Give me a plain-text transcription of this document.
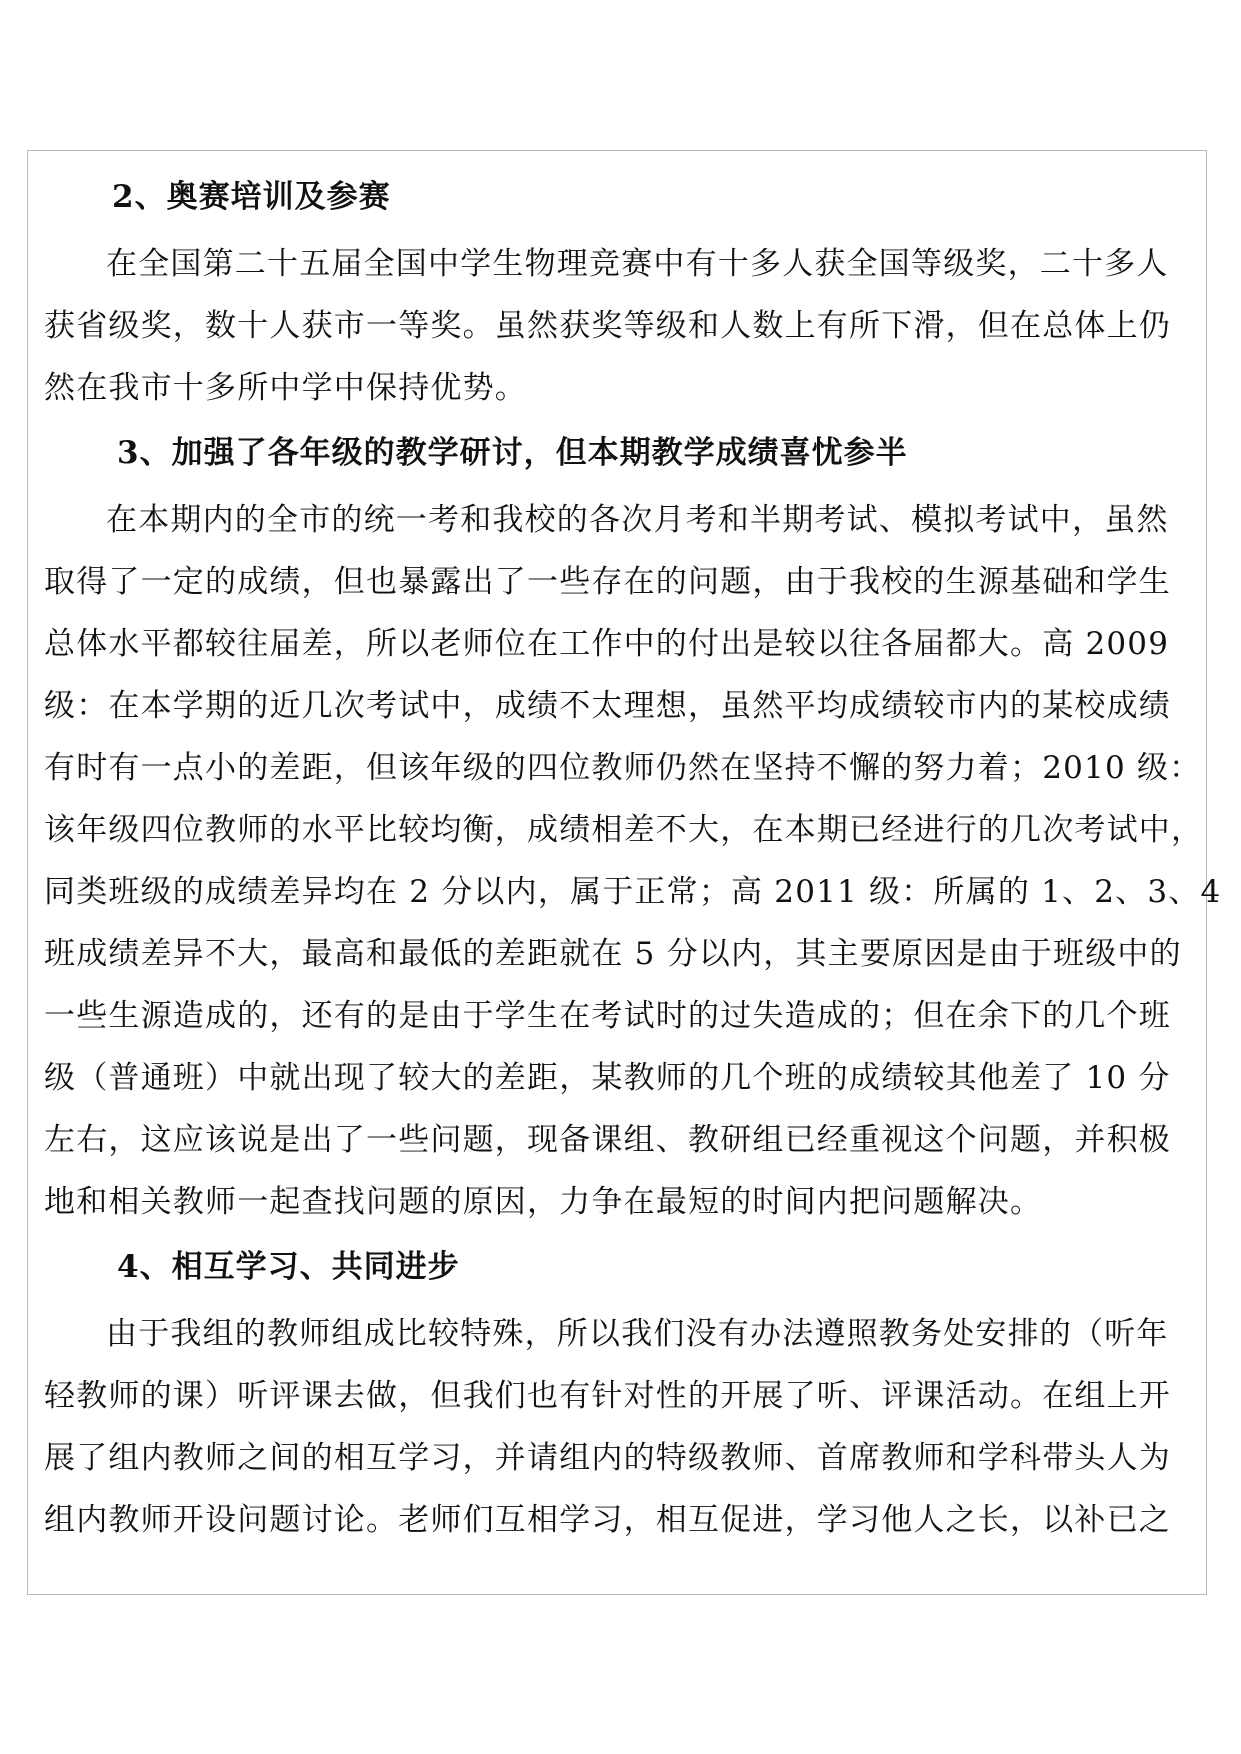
2、奥赛培训及参赛
在全国第二十五届全国中学生物理竞赛中有十多人获全国等级奖，二十多人
获省级奖，数十人获市一等奖。虽然获奖等级和人数上有所下滑，但在总体上仍
然在我市十多所中学中保持优势。
3、加强了各年级的教学研讨，但本期教学成绩喜忧参半
在本期内的全市的统一考和我校的各次月考和半期考试、模拟考试中，虽然
取得了一定的成绩，但也暴露出了一些存在的问题，由于我校的生源基础和学生
总体水平都较往届差，所以老师位在工作中的付出是较以往各届都大。高 2009
级：在本学期的近几次考试中，成绩不太理想，虽然平均成绩较市内的某校成绩
有时有一点小的差距，但该年级的四位教师仍然在坚持不懈的努力着；2010 级：
该年级四位教师的水平比较均衡，成绩相差不大，在本期已经进行的几次考试中，
同类班级的成绩差异均在 2 分以内，属于正常；高 2011 级：所属的 1、2、3、4
班成绩差异不大，最高和最低的差距就在 5 分以内，其主要原因是由于班级中的
一些生源造成的，还有的是由于学生在考试时的过失造成的；但在余下的几个班
级（普通班）中就出现了较大的差距，某教师的几个班的成绩较其他差了 10 分
左右，这应该说是出了一些问题，现备课组、教研组已经重视这个问题，并积极
地和相关教师一起查找问题的原因，力争在最短的时间内把问题解决。
4、相互学习、共同进步
由于我组的教师组成比较特殊，所以我们没有办法遵照教务处安排的（听年
轻教师的课）听评课去做，但我们也有针对性的开展了听、评课活动。在组上开
展了组内教师之间的相互学习，并请组内的特级教师、首席教师和学科带头人为
组内教师开设问题讨论。老师们互相学习，相互促进，学习他人之长，以补已之
